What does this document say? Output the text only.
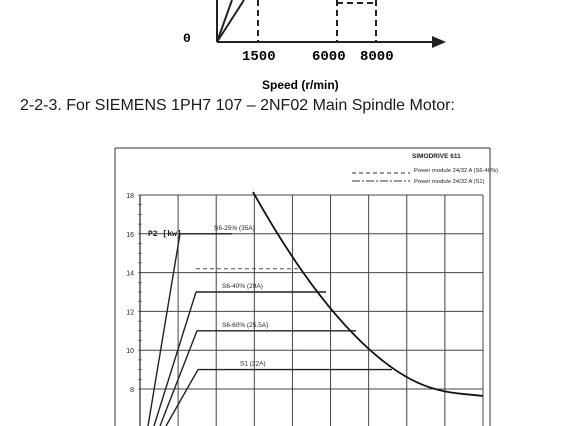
0
1500	6000 8000
Speed (r/min)
2-2-3. For SIEMENS 1PH7 107 – 2NF02 Main Spindle Motor:
8
10
12
14
16
18
P2 [kw]
S6-25% (35A)
S6-40% (29A)
S6-60% (25.5A)
S1 (22A)
SIMODRIVE 611
Power module 24/32 A (S6-40%)
Power module 24/32 A (S1)
